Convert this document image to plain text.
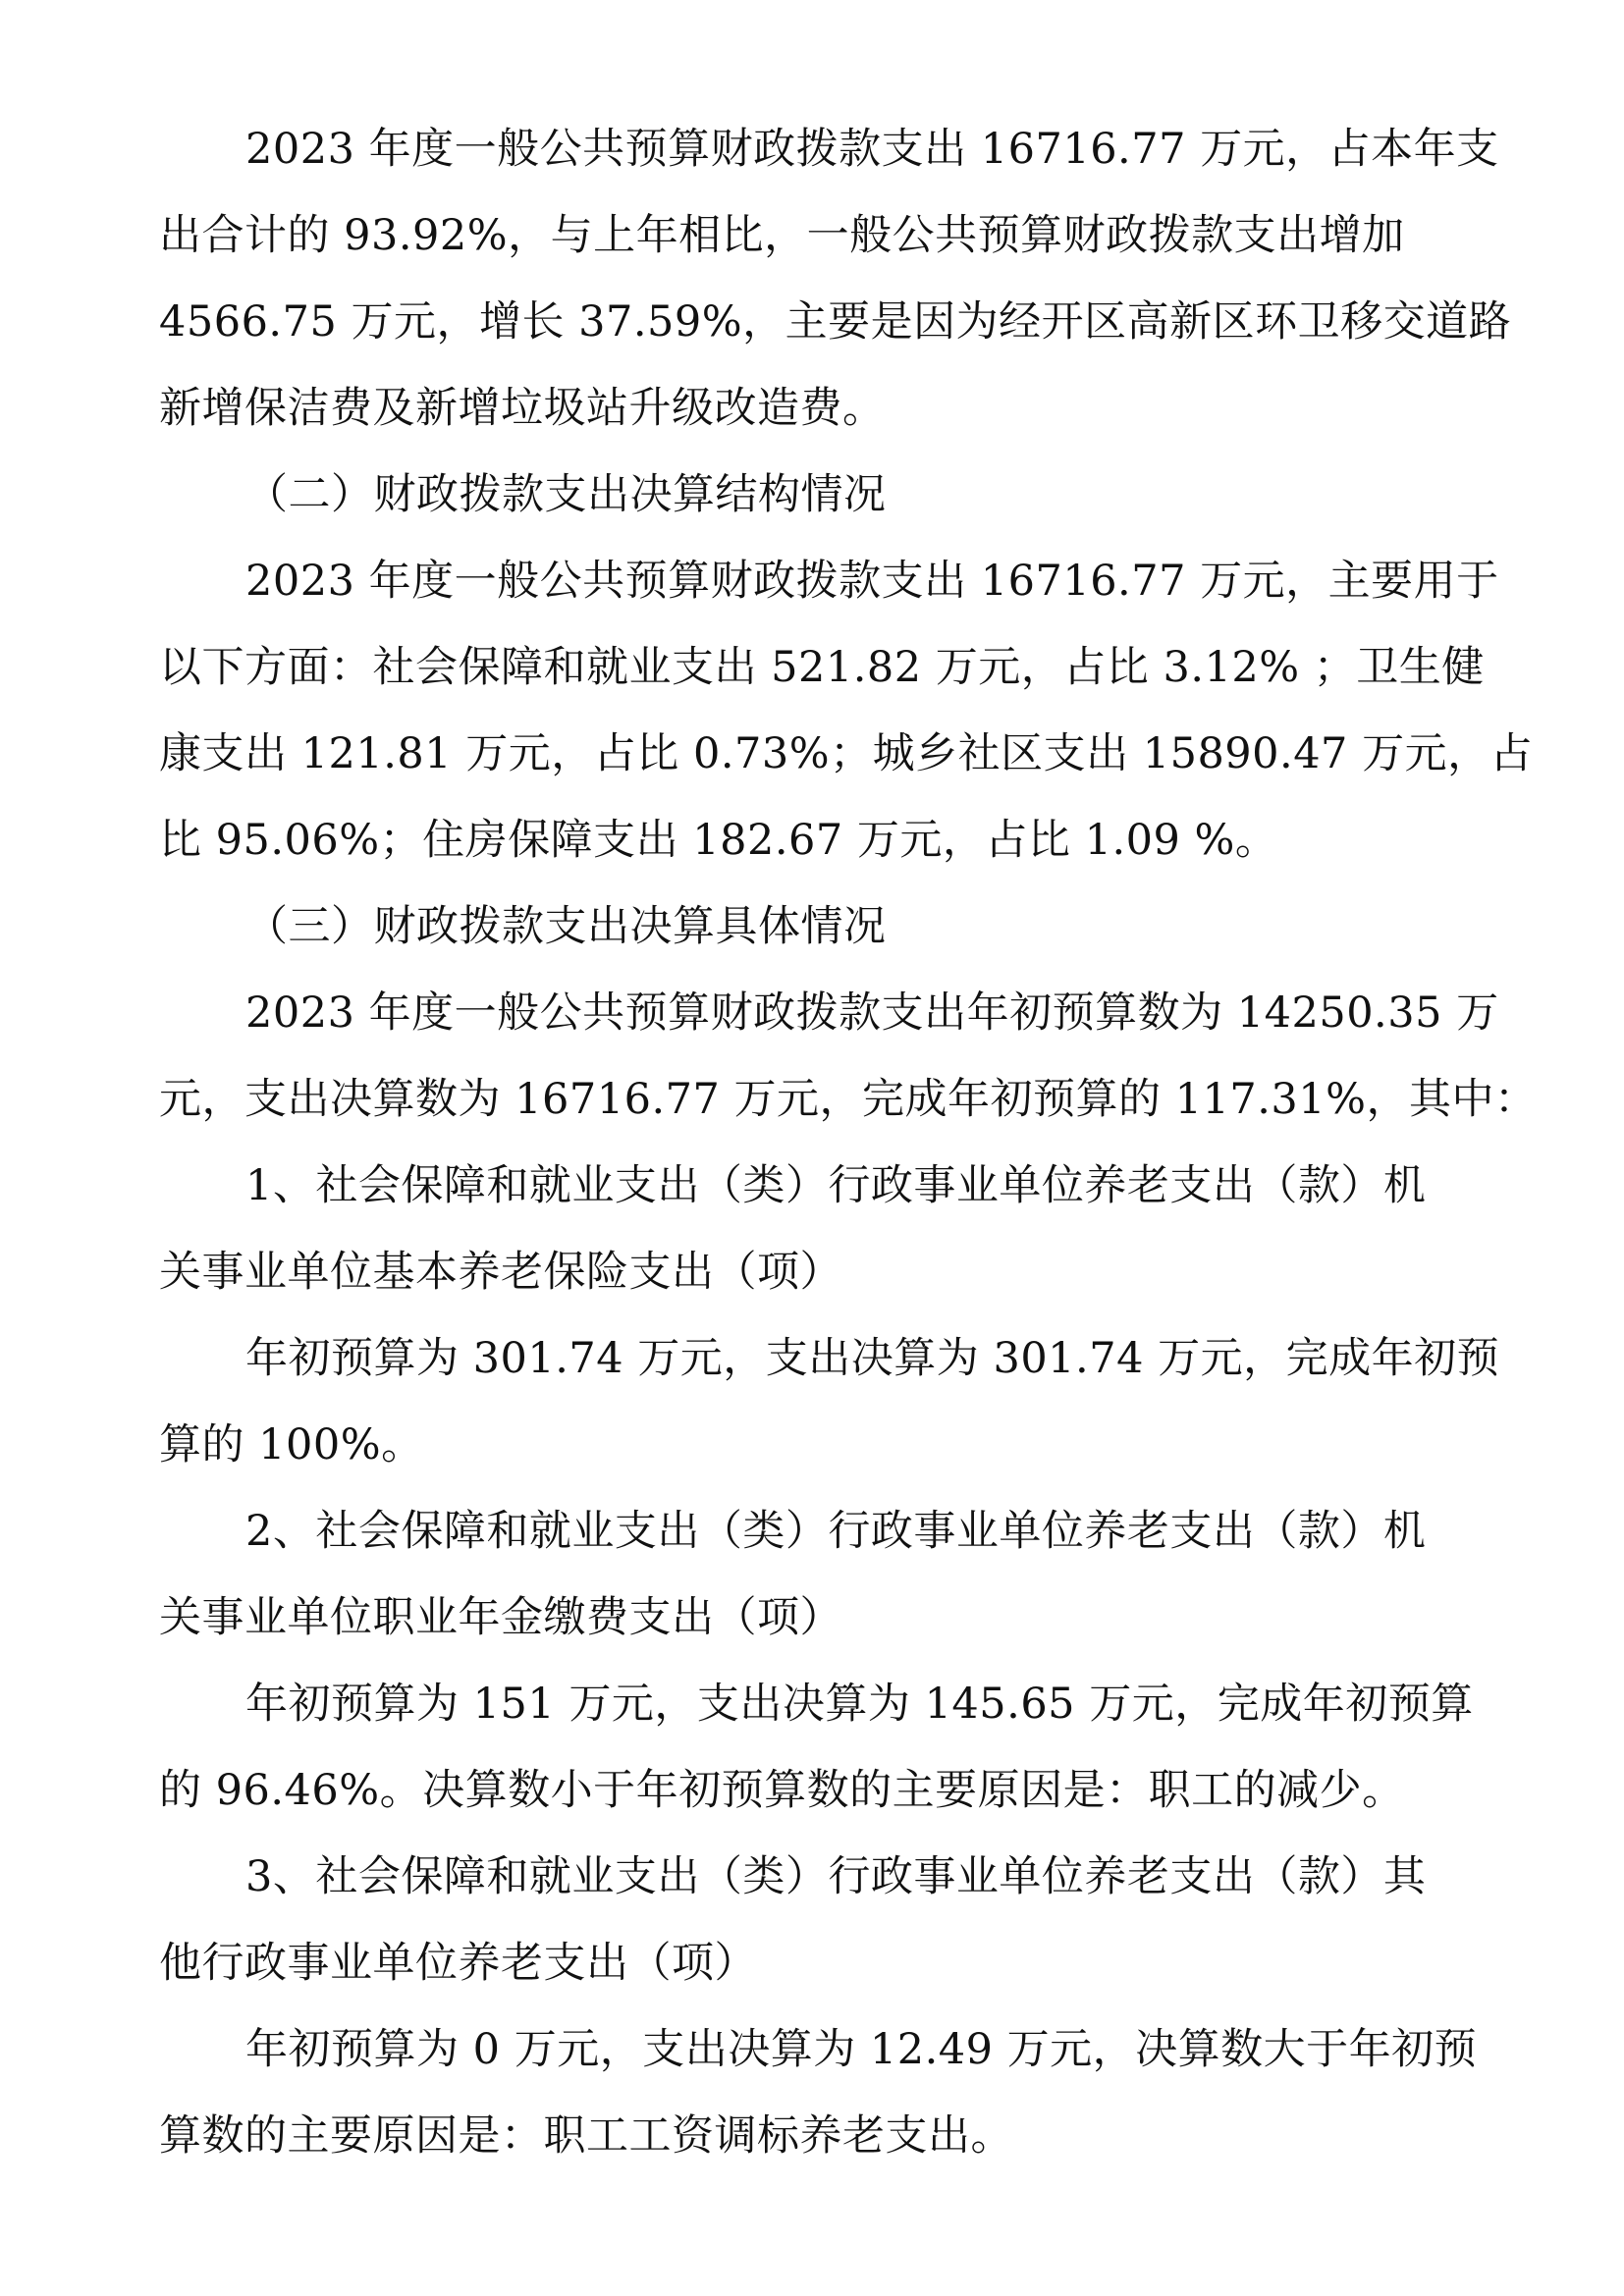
2023 年度一般公共预算财政拨款支出 16716.77 万元，占本年支
出合计的 93.92%，与上年相比，一般公共预算财政拨款支出增加
4566.75 万元，增长 37.59%，主要是因为经开区高新区环卫移交道路
新增保洁费及新增垃圾站升级改造费。
（二）财政拨款支出决算结构情况
2023 年度一般公共预算财政拨款支出 16716.77 万元，主要用于
以下方面：社会保障和就业支出 521.82 万元，占比 3.12% ；卫生健
康支出 121.81 万元，占比 0.73%；城乡社区支出 15890.47 万元，占
比 95.06%；住房保障支出 182.67 万元，占比 1.09 %。
（三）财政拨款支出决算具体情况
2023 年度一般公共预算财政拨款支出年初预算数为 14250.35 万
元，支出决算数为 16716.77 万元，完成年初预算的 117.31%，其中：
1、社会保障和就业支出（类）行政事业单位养老支出（款）机
关事业单位基本养老保险支出（项）
年初预算为 301.74 万元，支出决算为 301.74 万元，完成年初预
算的 100%。
2、社会保障和就业支出（类）行政事业单位养老支出（款）机
关事业单位职业年金缴费支出（项）
年初预算为 151 万元，支出决算为 145.65 万元，完成年初预算
的 96.46%。决算数小于年初预算数的主要原因是：职工的减少。
3、社会保障和就业支出（类）行政事业单位养老支出（款）其
他行政事业单位养老支出（项）
年初预算为 0 万元，支出决算为 12.49 万元，决算数大于年初预
算数的主要原因是：职工工资调标养老支出。
